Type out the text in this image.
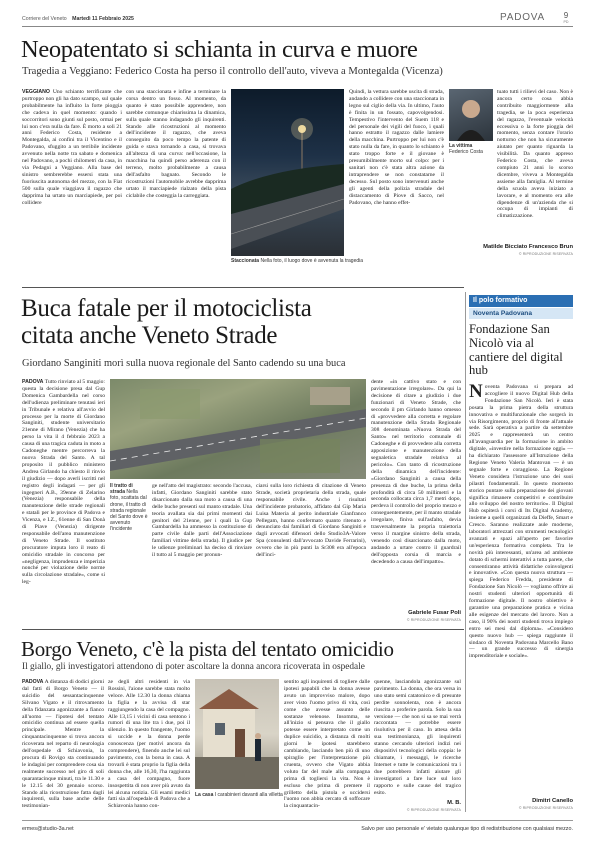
Corriere del Veneto Martedì 11 Febbraio 2025	PADOVA	9
PD
Neopatentato si schianta in curva e muore
Tragedia a Veggiano: Federico Costa ha perso il controllo dell'auto, viveva a Montegalda (Vicenza)
VEGGIANO Uno schianto terrificante che purtroppo non gli ha dato scampo, sul quale probabilmente ha influito la forte pioggia che cadeva in quel momento: quando i soccorritori sono giunti sul posto, ormai per lui non c'era nulla da fare. È morto a soli 21 anni Federico Costa, residente a Montegalda, ai confini tra il Vicentino e il Padovano, sfuggito a un terribile incidente avvenuto nella notte tra sabato e domenica nel Padovano, a pochi chilometri da casa, in via Pedagni a Veggiano. Alla base del sinistro sembrerebbe essersi stata una fuoriuscita autonoma del mezzo, con la Fiat 500 sulla quale viaggiava il ragazzo che dapprima ha urtato un marciapiede, per poi collidere
con una staccionata e infine a terminare la corsa dentro un fosso. Al momento, da quanto è stato possibile apprendere, non sarebbe comunque chiarissima la dinamica, sulla quale stanno indagando gli inquirenti. Stando alle ricostruzioni al momento dell'incidente il ragazzo, che aveva conseguito da poco tempo la patente di guida e stava tornando a casa, si trovava all'altezza di una curva: nell'occasione, la macchina ha quindi perso aderenza con il terreno, molto probabilmente a causa dell'asfalto bagnato. Secondo le ricostruzioni l'automobile avrebbe dapprima urtato il marciapiede rialzato della pista ciclabile che costeggia la carreggiata.
Staccionata Nella foto, il luogo dove è avvenuta la tragedia
Quindi, la vettura sarebbe uscita di strada, andando a collidere con una staccionata in legno sul ciglio della via. In ultimo, l'auto è finita in un fossato, capovolgendosi. Tempestivo l'intervento del Suem 118 e del personale dei vigili del fuoco, i quali hanno estratto il ragazzo dalle lamiere della macchina. Purtroppo per lui non c'è stato nulla da fare, in quanto lo schianto è stato troppo forte e il giovane è presumibilmente morto sul colpo: per i sanitari non c'è stata altra azione da intraprendere se non constatarne il decesso. Sul posto sono intervenuti anche gli agenti della polizia stradale del distaccamento di Piove di Sacco, nel Padovano, che hanno effet-
La vittima
Federico Costa
tuato tutti i rilievi del caso. Non è ancora certo cosa abbia contribuito maggiormente alla tragedia, se la poca esperienza del ragazzo, l'eventuale velocità eccessiva o la forte pioggia del momento, senza contare l'orario notturno che non ha sicuramente aiutato per quanto riguarda la visibilità. Da quanto appreso Federico Costa, che aveva compiuto 21 anni lo scorso dicembre, viveva a Montegalda assieme alla famiglia. Al termine della scuola aveva iniziato a lavorare, e al momento era alle dipendenze di un'azienda che si occupa di impianti di climatizzazione.
Matilde Bicciato Francesco Brun
© RIPRODUZIONE RISERVATA
Buca fatale per il motociclista
citata anche Veneto Strade
Giordano Sanginiti morì sulla nuova regionale del Santo cadendo su una buca
PADOVA Tutto rinviato al 5 maggio: questa la decisione presa dal Gup Domenica Gambardella nel corso dell'udienza preliminare tenutasi ieri in Tribunale e relativa all'avvio del processo per la morte di Giordano Sanginiti, studente universitario 21enne di Mirano (Venezia) che ha perso la vita il 4 febbraio 2023 a causa di una tragica caduta in moto a Cadoneghe mentre percorreva la nuova Strada del Santo. A tal proposito il pubblico ministero Andrea Girlando ha chiesto il rinvio il giudizio — dopo averli iscritti nel registro degli indagati — per gli ingegneri A.B., 39enne di Zelarino (Venezia) responsabile della manutenzione delle strade regionali e statali per le province di Padova e Vicenza, e I.Z., 61enne di San Donà di Piave (Venezia) dirigente responsabile dell'area manutenzione di Veneto Strade. Il sostituto procuratore imputa loro il reato di omicidio stradale in concorso per «negligenza, imprudenza e imperizia nonché per violazione delle norme sulla circolazione stradale», come si leg-
Il tratto di strada Nella foto, scattata dal drone, il tratto di strada regionale del Santo dove è avvenuto l'incidente
ge nell'atto del magistrato: secondo l'accusa, infatti, Giordano Sanginiti sarebbe stato disarcionato dalla sua moto a causa di una delle buche presenti sul manto stradale. Una teoria avallata sia dai primi momenti dai genitori del 21enne, per i quali la Gup Gambardella ha ammesso la costituzione di parte civile dalle parti dell'Associazione familiari vittime della strada). Il giudice per le udienze preliminari ha deciso di rinviare il tutto al 5 maggio per pronun-
ciarsi sulla loro richiesta di citazione di Veneto Strade, società proprietaria della strada, quale responsabile civile. Anche i risultati dell'incidente probatorio, affidato dal Gip Maria Luisa Materia al perito industriale Gianfranco Pellegam, hanno confermato quanto ritenuto e denunciato dai familiari di Giordano Sanginiti e dagli avvocati difensori dello Studio3A-Valore Spa (consulenti dall'avvocato Davide Ferrarini), ovvero che in più punti la Sr308 era all'epoca dell'inci-
dente «in cattivo stato e con pavimentazione irregolare». Da qui la decisione di citare a giudizio i due funzionari di Veneto Strade, che secondo il pm Girlando hanno omesso di «provvedere alla corretta e regolare manutenzione della Strada Regionale 308 denominata «Nuova Strada del Santo» nel territorio comunale di Cadoneghe e di provvedere alla corretta apposizione e manutenzione della segnaletica stradale relativa al pericolo». Con tanto di ricostruzione della dinamica dell'incidente: «Giordano Sanginiti a causa della presenza di due buche, la prima della profondità di circa 50 millimetri e la seconda collocata circa 1,7 metri dopo, perdeva il controllo del proprio mezzo e conseguentemente, per il manto stradale irregolare, finiva sull'asfalto, devia trasversalmente la propria traiettoria verso il margine sinistro della strada, venendo così disarcionato dalla moto, andando a urtare contro il guardrail dell'opposta corsia di marcia e decedendo a causa dell'impatto».
Gabriele Fusar Poli
© RIPRODUZIONE RISERVATA
Il polo formativo
Noventa Padovana
Fondazione San Nicolò via al cantiere del digital hub
N oventa Padovana si prepara ad accogliere il nuovo Digital Hub della Fondazione San Nicolò. Ieri è stata posata la prima pietra della struttura innovativa e multifunzionale che sorgerà in via Risorgimento, proprio di fronte all'attuale sede. Sarà operativa a partire da settembre 2025 e rappresenterà un centro all'avanguardia per la formazione in ambito digitale, «investire nella formazione oggi» — ha dichiarato l'assessore all'Istruzione della Regione Veneto Valeria Mantovan — è un segnale forte e coraggioso. La Regione Veneto considera l'istruzione uno dei suoi pilastri fondamentali. In questo momento storico puntare sulla preparazione dei giovani significa rimanere competitivi e contribuire allo sviluppo del nostro territorio». Il Digital Hub ospiterà i corsi di Its Digital Academy, insieme a quelli organizzati da Dieffe, Smart e Cresco. Saranno realizzate aule moderne, laboratori attrezzati con strumenti tecnologici avanzati e spazi all'aperto per favorire un'esperienza formativa completa. Tra le novità più interessanti, un'area ad ambiente dotato di schermi interattivi a tutta parete, che consentiranno attività didattiche coinvolgenti e innovative. «Con questa nuova struttura — spiega Federico Fredda, presidente di Fondazione San Nicolò — vogliamo offrire ai nostri studenti ulteriori opportunità di formazione digitale. Il nostro obiettivo è garantire una preparazione pratica e vicina alle esigenze del mercato del lavoro. Non a caso, il 90% dei nostri studenti trova impiego entro sei mesi dal diploma». «Considero questo nuovo hub — spiega raggiunte il sindaco di Noventa Padovana Marcello Bano — un grande successo di sinergia imprenditoriale e sociale».
Dimitri Canello
© RIPRODUZIONE RISERVATA
Borgo Veneto, c'è la pista del tentato omicidio
Il giallo, gli investigatori attendono di poter ascoltare la donna ancora ricoverata in ospedale
PADOVA A distanza di dodici giorni dal fatti di Borgo Veneto — il suicidio del sessantacinquenne Silvano Vigato e il ritrovamento della fidanzata agonizzante a fianco all'uomo — l'ipotesi del tentato omicidio continua ad essere quella principale. Mentre la cinquantacinquenne si trova ancora ricoverata nel reparto di neurologia dell'ospedale di Schiavonia, la procura di Rovigo sta continuando le indagini per comprendere cosa sia realmente successo nel giro di soli quarantacinque minuti, tra le 11.30 e le 12.15 del 30 gennaio scorso. Stando alla ricostruzione fatta dagli inquirenti, sulla base anche delle testimonian-
ze degli altri residenti in via Rossini, l'aione sarebbe stata molto veloce. Alle 12.30 la donna chiama la figlia e la avvisa di star raggiungendo la casa del compagno. Alle 13,15 i vicini di casa sentono i rumori di una lite tra i due, poi il silenzio. In questo frangente, l'uomo si uccide e la donna perde conoscenza (per motivi ancora da comprendere), finendo anche lei sul pavimento, con la borsa in casa. A trovarli è stata proprio la figlia della donna che, alle 16,30, l'ha raggiunta a casa del compagno, fuore insospettita di non aver più avuto da lei alcuna notizia. Gli esami medici fatti sia all'ospedale di Padova che a Schiavonia hanno con-
La casa I carabinieri davanti alla villetta
sentito agli inquirenti di togliere dalle ipotesi papabili che la donna avesse avuto un improvviso malore, dopo aver visto l'uomo privo di vita, così come che avesse assunto delle sostanze velenose. Insomma, se all'inizio si pensava che il giallo potesse essere interpretato come un duplice suicidio, a distanza di molti giorni le ipotesi starebbero cambiando, lasciando ben più di uno spiraglio per l'interpretazione più cruenta, ovvero che Vigato abbia voluto far del male alla compagna prima di togliersi la vita. Non è escluso che prima di premere il grilletto della pistola e uccidersi l'uomo non abbia cercato di soffocare la cinquantacin-
quenne, lasciandola agonizzante sul pavimento. La donna, che ora versa in uno stato semi catatonico e di presunte perdite sonnolenta, non è ancora riuscita a proferire parola. Solo la sua versione — che non si sa se mai verrà raccontata — potrebbe essere risolutiva per il caso. In attesa della sua testimonianza, gli inquirenti stanno cercando ulteriori indizi nei dispositivi tecnologici della coppia: le chiamate, i messaggi, le ricerche Internet e tutte le comunicazioni tra i due potrebbero infatti aiutare gli investigatori a fare luce sul loro rapporto e sulle cause del tragico esito.
M. B.
© RIPRODUZIONE RISERVATA
ermes@studio-3a.net	Salvo per uso personale e' vietato qualunque tipo di redistribuzione con qualsiasi mezzo.
